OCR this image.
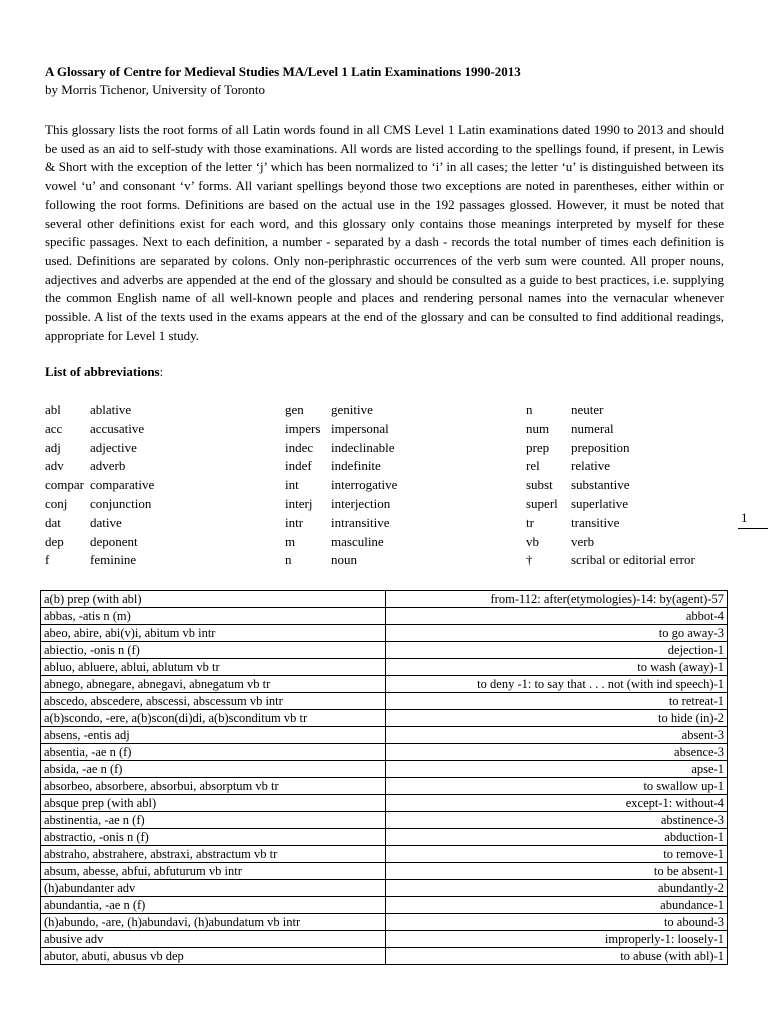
A Glossary of Centre for Medieval Studies MA/Level 1 Latin Examinations 1990-2013
by Morris Tichenor, University of Toronto

This glossary lists the root forms of all Latin words found in all CMS Level 1 Latin examinations dated 1990 to 2013 and should be used as an aid to self-study with those examinations. All words are listed according to the spellings found, if present, in Lewis & Short with the exception of the letter ‘j’ which has been normalized to ‘i’ in all cases; the letter ‘u’ is distinguished between its vowel ‘u’ and consonant ‘v’ forms. All variant spellings beyond those two exceptions are noted in parentheses, either within or following the root forms. Definitions are based on the actual use in the 192 passages glossed. However, it must be noted that several other definitions exist for each word, and this glossary only contains those meanings interpreted by myself for these specific passages. Next to each definition, a number - separated by a dash - records the total number of times each definition is used. Definitions are separated by colons. Only non-periphrastic occurrences of the verb sum were counted. All proper nouns, adjectives and adverbs are appended at the end of the glossary and should be consulted as a guide to best practices, i.e. supplying the common English name of all well-known people and places and rendering personal names into the vernacular whenever possible. A list of the texts used in the exams appears at the end of the glossary and can be consulted to find additional readings, appropriate for Level 1 study.

List of abbreviations:
abl	ablative
acc	accusative
adj	adjective
adv	adverb
compar comparative
conj	conjunction
dat	dative
dep	deponent
f	feminine
gen	genitive
impers impersonal
indec	indeclinable
indef	indefinite
int	interrogative
interj	interjection
intr	intransitive
m	masculine
n	noun
n	neuter
num	numeral
prep	preposition
rel	relative
subst	substantive
superl	superlative
tr	transitive
vb	verb
†	scribal or editorial error
1
a(b) prep (with abl)	from-112: after(etymologies)-14: by(agent)-57
abbas, -atis n (m)	abbot-4
abeo, abire, abi(v)i, abitum vb intr	to go away-3
abiectio, -onis n (f)	dejection-1
abluo, abluere, ablui, ablutum vb tr	to wash (away)-1
abnego, abnegare, abnegavi, abnegatum vb tr	to deny -1: to say that . . . not (with ind speech)-1
abscedo, abscedere, abscessi, abscessum vb intr	to retreat-1
a(b)scondo, -ere, a(b)scon(di)di, a(b)sconditum vb tr	to hide (in)-2
absens, -entis adj	absent-3
absentia, -ae n (f)	absence-3
absida, -ae n (f)	apse-1
absorbeo, absorbere, absorbui, absorptum vb tr	to swallow up-1
absque prep (with abl)	except-1: without-4
abstinentia, -ae n (f)	abstinence-3
abstractio, -onis n (f)	abduction-1
abstraho, abstrahere, abstraxi, abstractum vb tr	to remove-1
absum, abesse, abfui, abfuturum vb intr	to be absent-1
(h)abundanter adv	abundantly-2
abundantia, -ae n (f)	abundance-1
(h)abundo, -are, (h)abundavi, (h)abundatum vb intr	to abound-3
abusive adv	improperly-1: loosely-1
abutor, abuti, abusus vb dep	to abuse (with abl)-1
